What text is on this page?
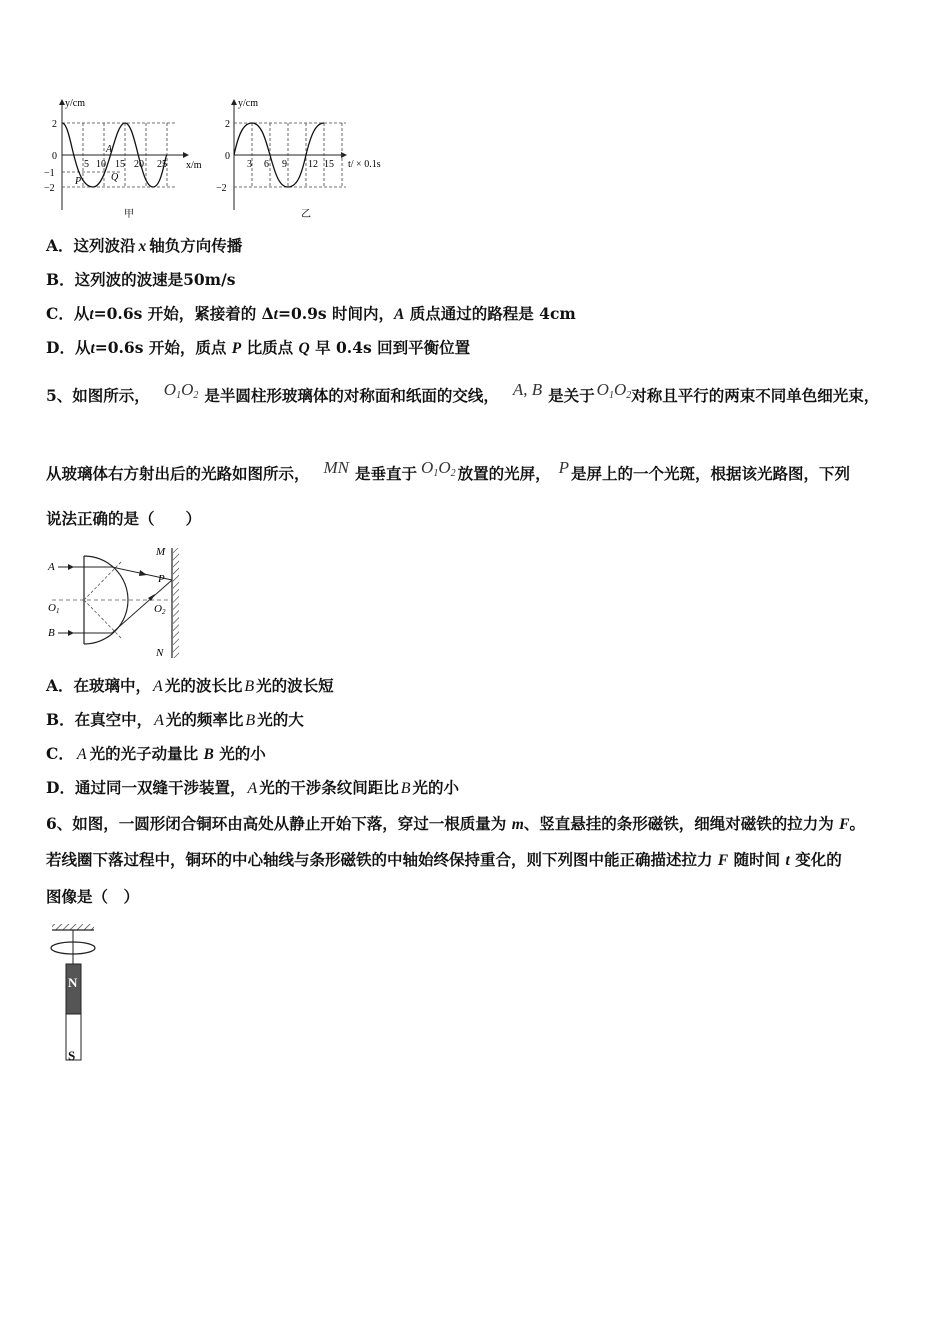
y/cm
x/m
2
0
−1
−2
5 10 15 20 25
A
P	Q
甲
y/cm
t/ × 0.1s
2
0
−2
3 6 9 12 15
乙
A．这列波沿 x 轴负方向传播
B．这列波的波速是50m/s
C．从t=0.6s 开始，紧接着的 Δt=0.9s 时间内，A 质点通过的路程是 4cm
D．从t=0.6s 开始，质点 P 比质点 Q 早 0.4s 回到平衡位置
5、如图所示， $O_1O_2$ 是半圆柱形玻璃体的对称面和纸面的交线， A, B 是关于 $O_1O_2$对称且平行的两束不同单色细光束，
从玻璃体右方射出后的光路如图所示， MN 是垂直于 $O_1O_2$ 放置的光屏， P 是屏上的一个光斑，根据该光路图，下列
说法正确的是（　　）
A
B
O1	O2
M
N
P
A．在玻璃中， A 光的波长比 B 光的波长短
B．在真空中， A 光的频率比 B 光的大
C． A 光的光子动量比 B 光的小
D．通过同一双缝干涉装置， A 光的干涉条纹间距比 B 光的小
6、如图，一圆形闭合铜环由高处从静止开始下落，穿过一根质量为 m、竖直悬挂的条形磁铁，细绳对磁铁的拉力为 F。
若线圈下落过程中，铜环的中心轴线与条形磁铁的中轴始终保持重合，则下列图中能正确描述拉力 F 随时间 t 变化的
图像是（　）
N
S
